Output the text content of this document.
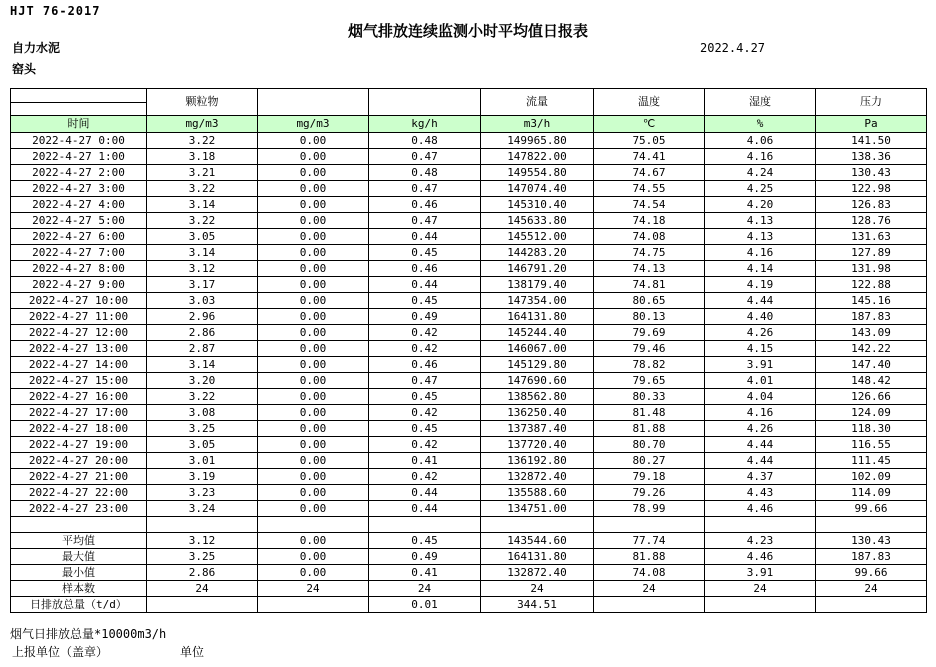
HJT 76-2017
烟气排放连续监测小时平均值日报表
自力水泥	2022.4.27
窑头
	颗粒物			流量	温度	湿度	压力
时间	mg/m3	mg/m3	kg/h	m3/h	℃	%	Pa
2022-4-27 0:00	3.22	0.00	0.48	149965.80	75.05	4.06	141.50
2022-4-27 1:00	3.18	0.00	0.47	147822.00	74.41	4.16	138.36
2022-4-27 2:00	3.21	0.00	0.48	149554.80	74.67	4.24	130.43
2022-4-27 3:00	3.22	0.00	0.47	147074.40	74.55	4.25	122.98
2022-4-27 4:00	3.14	0.00	0.46	145310.40	74.54	4.20	126.83
2022-4-27 5:00	3.22	0.00	0.47	145633.80	74.18	4.13	128.76
2022-4-27 6:00	3.05	0.00	0.44	145512.00	74.08	4.13	131.63
2022-4-27 7:00	3.14	0.00	0.45	144283.20	74.75	4.16	127.89
2022-4-27 8:00	3.12	0.00	0.46	146791.20	74.13	4.14	131.98
2022-4-27 9:00	3.17	0.00	0.44	138179.40	74.81	4.19	122.88
2022-4-27 10:00	3.03	0.00	0.45	147354.00	80.65	4.44	145.16
2022-4-27 11:00	2.96	0.00	0.49	164131.80	80.13	4.40	187.83
2022-4-27 12:00	2.86	0.00	0.42	145244.40	79.69	4.26	143.09
2022-4-27 13:00	2.87	0.00	0.42	146067.00	79.46	4.15	142.22
2022-4-27 14:00	3.14	0.00	0.46	145129.80	78.82	3.91	147.40
2022-4-27 15:00	3.20	0.00	0.47	147690.60	79.65	4.01	148.42
2022-4-27 16:00	3.22	0.00	0.45	138562.80	80.33	4.04	126.66
2022-4-27 17:00	3.08	0.00	0.42	136250.40	81.48	4.16	124.09
2022-4-27 18:00	3.25	0.00	0.45	137387.40	81.88	4.26	118.30
2022-4-27 19:00	3.05	0.00	0.42	137720.40	80.70	4.44	116.55
2022-4-27 20:00	3.01	0.00	0.41	136192.80	80.27	4.44	111.45
2022-4-27 21:00	3.19	0.00	0.42	132872.40	79.18	4.37	102.09
2022-4-27 22:00	3.23	0.00	0.44	135588.60	79.26	4.43	114.09
2022-4-27 23:00	3.24	0.00	0.44	134751.00	78.99	4.46	99.66

平均值	3.12	0.00	0.45	143544.60	77.74	4.23	130.43
最大值	3.25	0.00	0.49	164131.80	81.88	4.46	187.83
最小值	2.86	0.00	0.41	132872.40	74.08	3.91	99.66
样本数	24	24	24	24	24	24	24
日排放总量（t/d）			0.01	344.51			
烟气日排放总量*10000m3/h
上报单位（盖章）	单位
